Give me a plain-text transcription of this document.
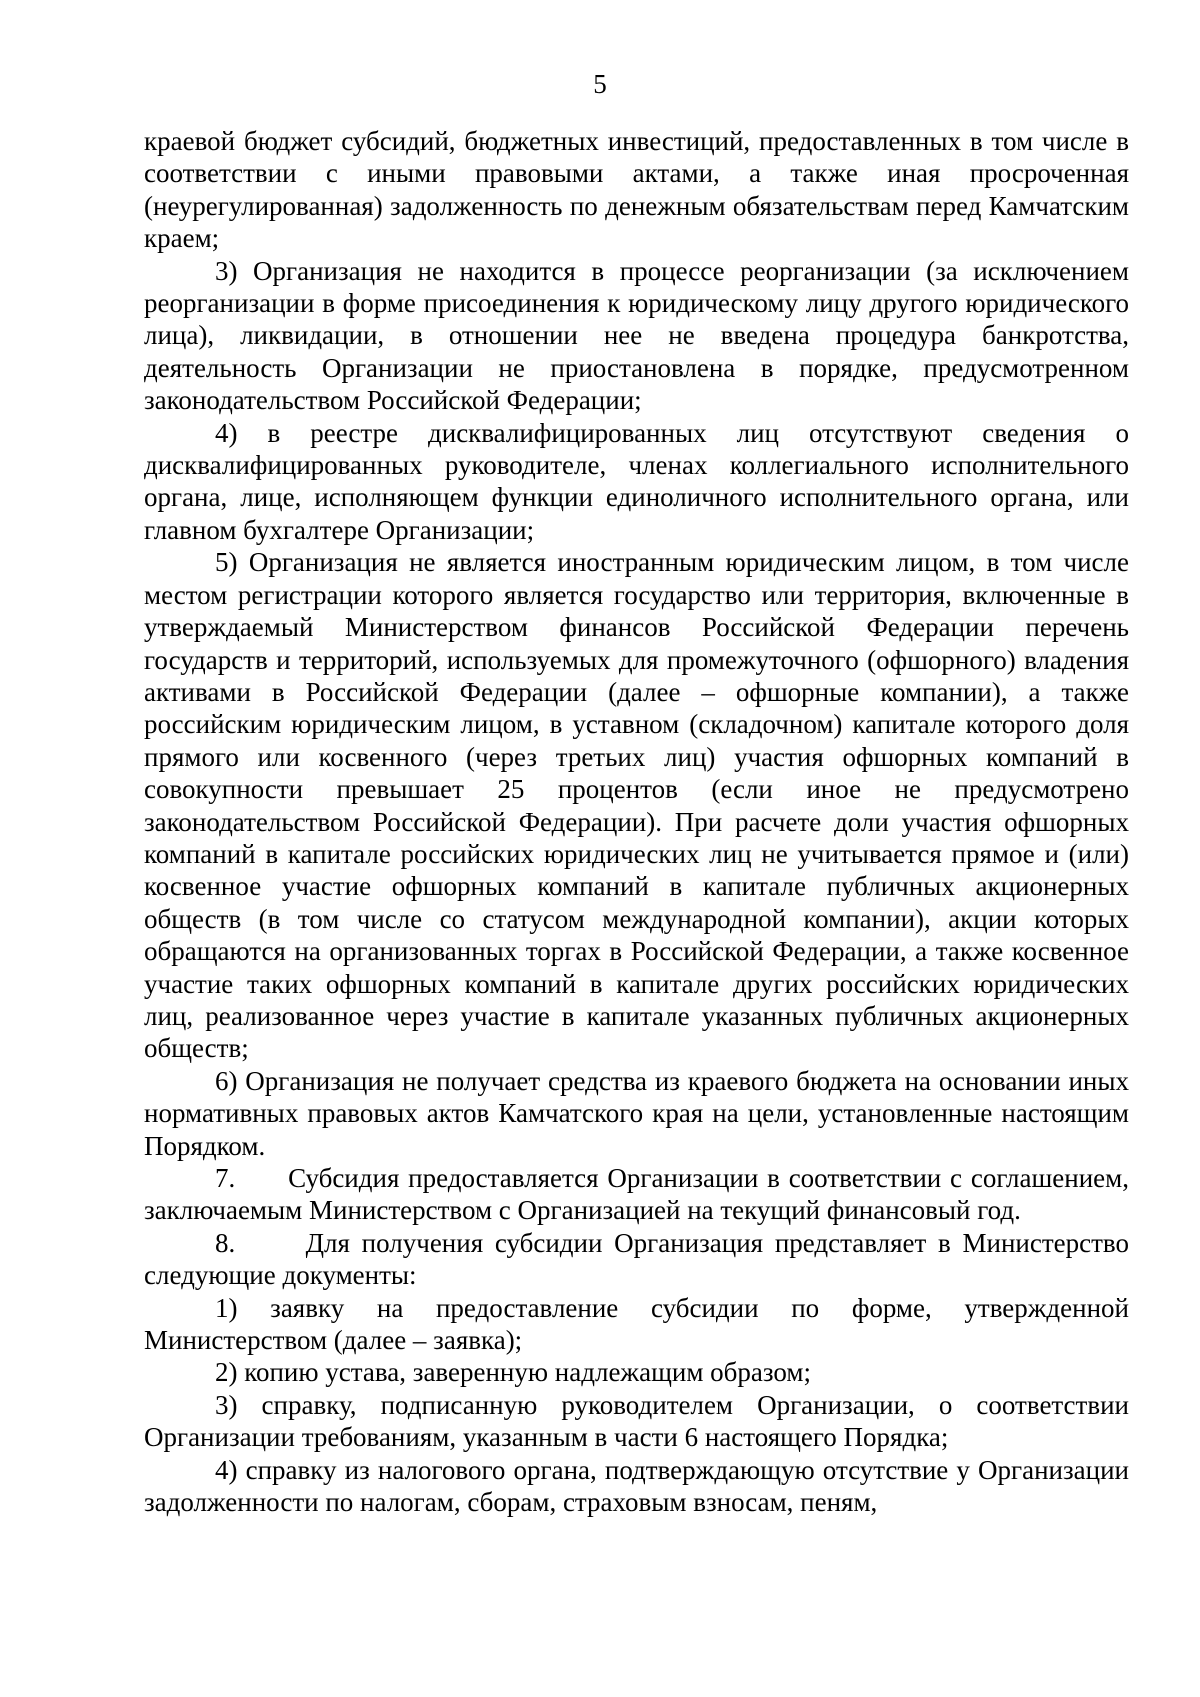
5

краевой бюджет субсидий, бюджетных инвестиций, предоставленных в том числе в соответствии с иными правовыми актами, а также иная просроченная (неурегулированная) задолженность по денежным обязательствам перед Камчатским краем;

3) Организация не находится в процессе реорганизации (за исключением реорганизации в форме присоединения к юридическому лицу другого юридического лица), ликвидации, в отношении нее не введена процедура банкротства, деятельность Организации не приостановлена в порядке, предусмотренном законодательством Российской Федерации;

4) в реестре дисквалифицированных лиц отсутствуют сведения о дисквалифицированных руководителе, членах коллегиального исполнительного органа, лице, исполняющем функции единоличного исполнительного органа, или главном бухгалтере Организации;

5) Организация не является иностранным юридическим лицом, в том числе местом регистрации которого является государство или территория, включенные в утверждаемый Министерством финансов Российской Федерации перечень государств и территорий, используемых для промежуточного (офшорного) владения активами в Российской Федерации (далее – офшорные компании), а также российским юридическим лицом, в уставном (складочном) капитале которого доля прямого или косвенного (через третьих лиц) участия офшорных компаний в совокупности превышает 25 процентов (если иное не предусмотрено законодательством Российской Федерации). При расчете доли участия офшорных компаний в капитале российских юридических лиц не учитывается прямое и (или) косвенное участие офшорных компаний в капитале публичных акционерных обществ (в том числе со статусом международной компании), акции которых обращаются на организованных торгах в Российской Федерации, а также косвенное участие таких офшорных компаний в капитале других российских юридических лиц, реализованное через участие в капитале указанных публичных акционерных обществ;

6) Организация не получает средства из краевого бюджета на основании иных нормативных правовых актов Камчатского края на цели, установленные настоящим Порядком.

7.      Субсидия предоставляется Организации в соответствии с соглашением, заключаемым Министерством с Организацией на текущий финансовый год.

8.      Для получения субсидии Организация представляет в Министерство следующие документы:

1) заявку на предоставление субсидии по форме, утвержденной Министерством (далее – заявка);

2) копию устава, заверенную надлежащим образом;

3) справку, подписанную руководителем Организации, о соответствии Организации требованиям, указанным в части 6 настоящего Порядка;

4) справку из налогового органа, подтверждающую отсутствие у Организации задолженности по налогам, сборам, страховым взносам, пеням,
